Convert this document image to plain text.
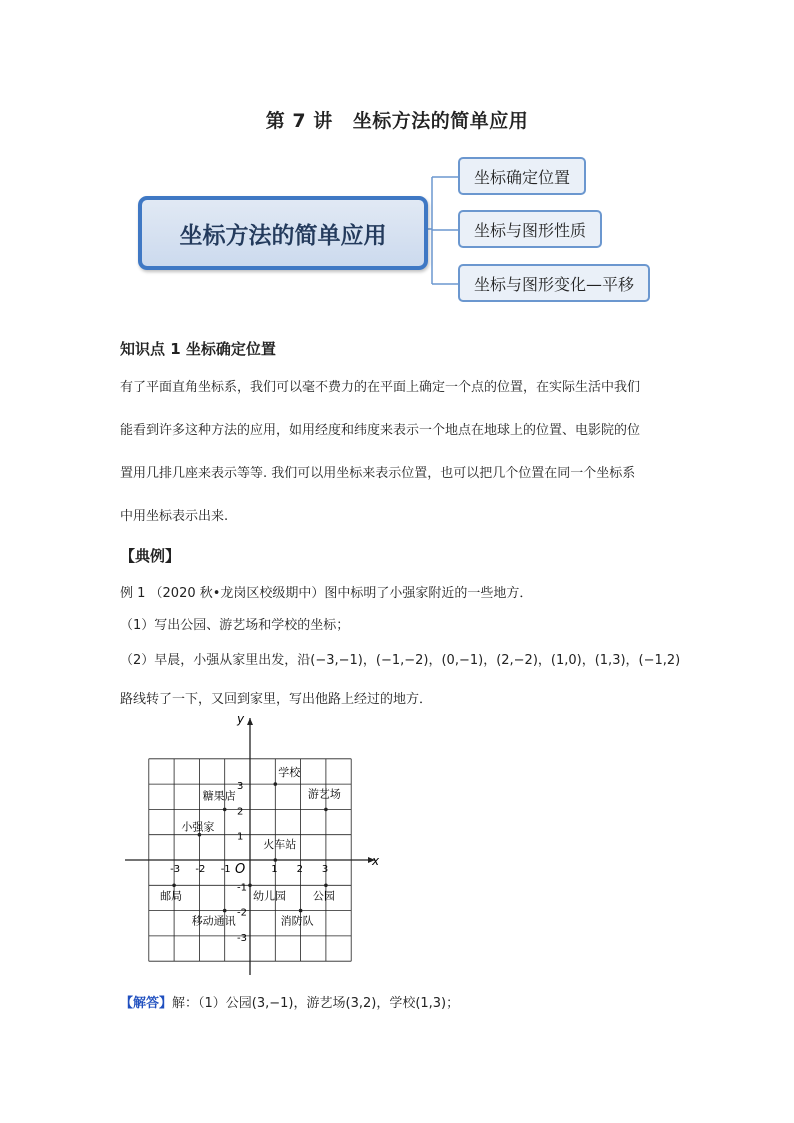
第 7 讲 坐标方法的简单应用
坐标方法的简单应用
坐标确定位置
坐标与图形性质
坐标与图形变化—平移
知识点 1 坐标确定位置

有了平面直角坐标系，我们可以毫不费力的在平面上确定一个点的位置，在实际生活中我们

能看到许多这种方法的应用，如用经度和纬度来表示一个地点在地球上的位置、电影院的位

置用几排几座来表示等等. 我们可以用坐标来表示位置，也可以把几个位置在同一个坐标系

中用坐标表示出来.

【典例】
例 1 （2020 秋•龙岗区校级期中）图中标明了小强家附近的一些地方．
（1）写出公园、游艺场和学校的坐标；
（2）早晨，小强从家里出发，沿(−3,−1)，(−1,−2)，(0,−1)，(2,−2)，(1,0)，(1,3)，(−1,2)
路线转了一下，又回到家里，写出他路上经过的地方．
x
y
O
-3 -2 -1	1 2 3
3
2
1
-1
-2
-3
学校
糖果店	游艺场
小强家
火车站
邮局	幼儿园 公园
移动通讯	消防队
【解答】解：（1）公园(3,−1)，游艺场(3,2)，学校(1,3)；
